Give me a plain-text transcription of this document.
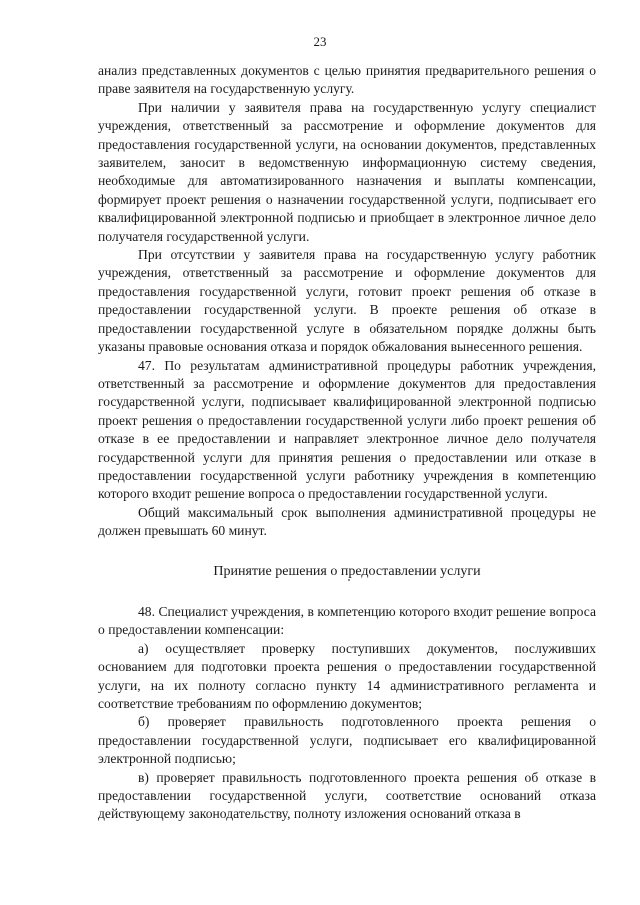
23

анализ представленных документов с целью принятия предварительного решения о праве заявителя на государственную услугу.

При наличии у заявителя права на государственную услугу специалист учреждения, ответственный за рассмотрение и оформление документов для предоставления государственной услуги, на основании документов, представленных заявителем, заносит в ведомственную информационную систему сведения, необходимые для автоматизированного назначения и выплаты компенсации, формирует проект решения о назначении государственной услуги, подписывает его квалифицированной электронной подписью и приобщает в электронное личное дело получателя государственной услуги.

При отсутствии у заявителя права на государственную услугу работник учреждения, ответственный за рассмотрение и оформление документов для предоставления государственной услуги, готовит проект решения об отказе в предоставлении государственной услуги. В проекте решения об отказе в предоставлении государственной услуге в обязательном порядке должны быть указаны правовые основания отказа и порядок обжалования вынесенного решения.

47. По результатам административной процедуры работник учреждения, ответственный за рассмотрение и оформление документов для предоставления государственной услуги, подписывает квалифицированной электронной подписью проект решения о предоставлении государственной услуги либо проект решения об отказе в ее предоставлении и направляет электронное личное дело получателя государственной услуги для принятия решения о предоставлении или отказе в предоставлении государственной услуги работнику учреждения в компетенцию которого входит решение вопроса о предоставлении государственной услуги.

Общий максимальный срок выполнения административной процедуры не должен превышать 60 минут.

Принятие решения о предоставлении услуги

48. Специалист учреждения, в компетенцию которого входит решение вопроса о предоставлении компенсации:

а) осуществляет проверку поступивших документов, послуживших основанием для подготовки проекта решения о предоставлении государственной услуги, на их полноту согласно пункту 14 административного регламента и соответствие требованиям по оформлению документов;

б) проверяет правильность подготовленного проекта решения о предоставлении государственной услуги, подписывает его квалифицированной электронной подписью;

в) проверяет правильность подготовленного проекта решения об отказе в предоставлении государственной услуги, соответствие оснований отказа действующему законодательству, полноту изложения оснований отказа в
